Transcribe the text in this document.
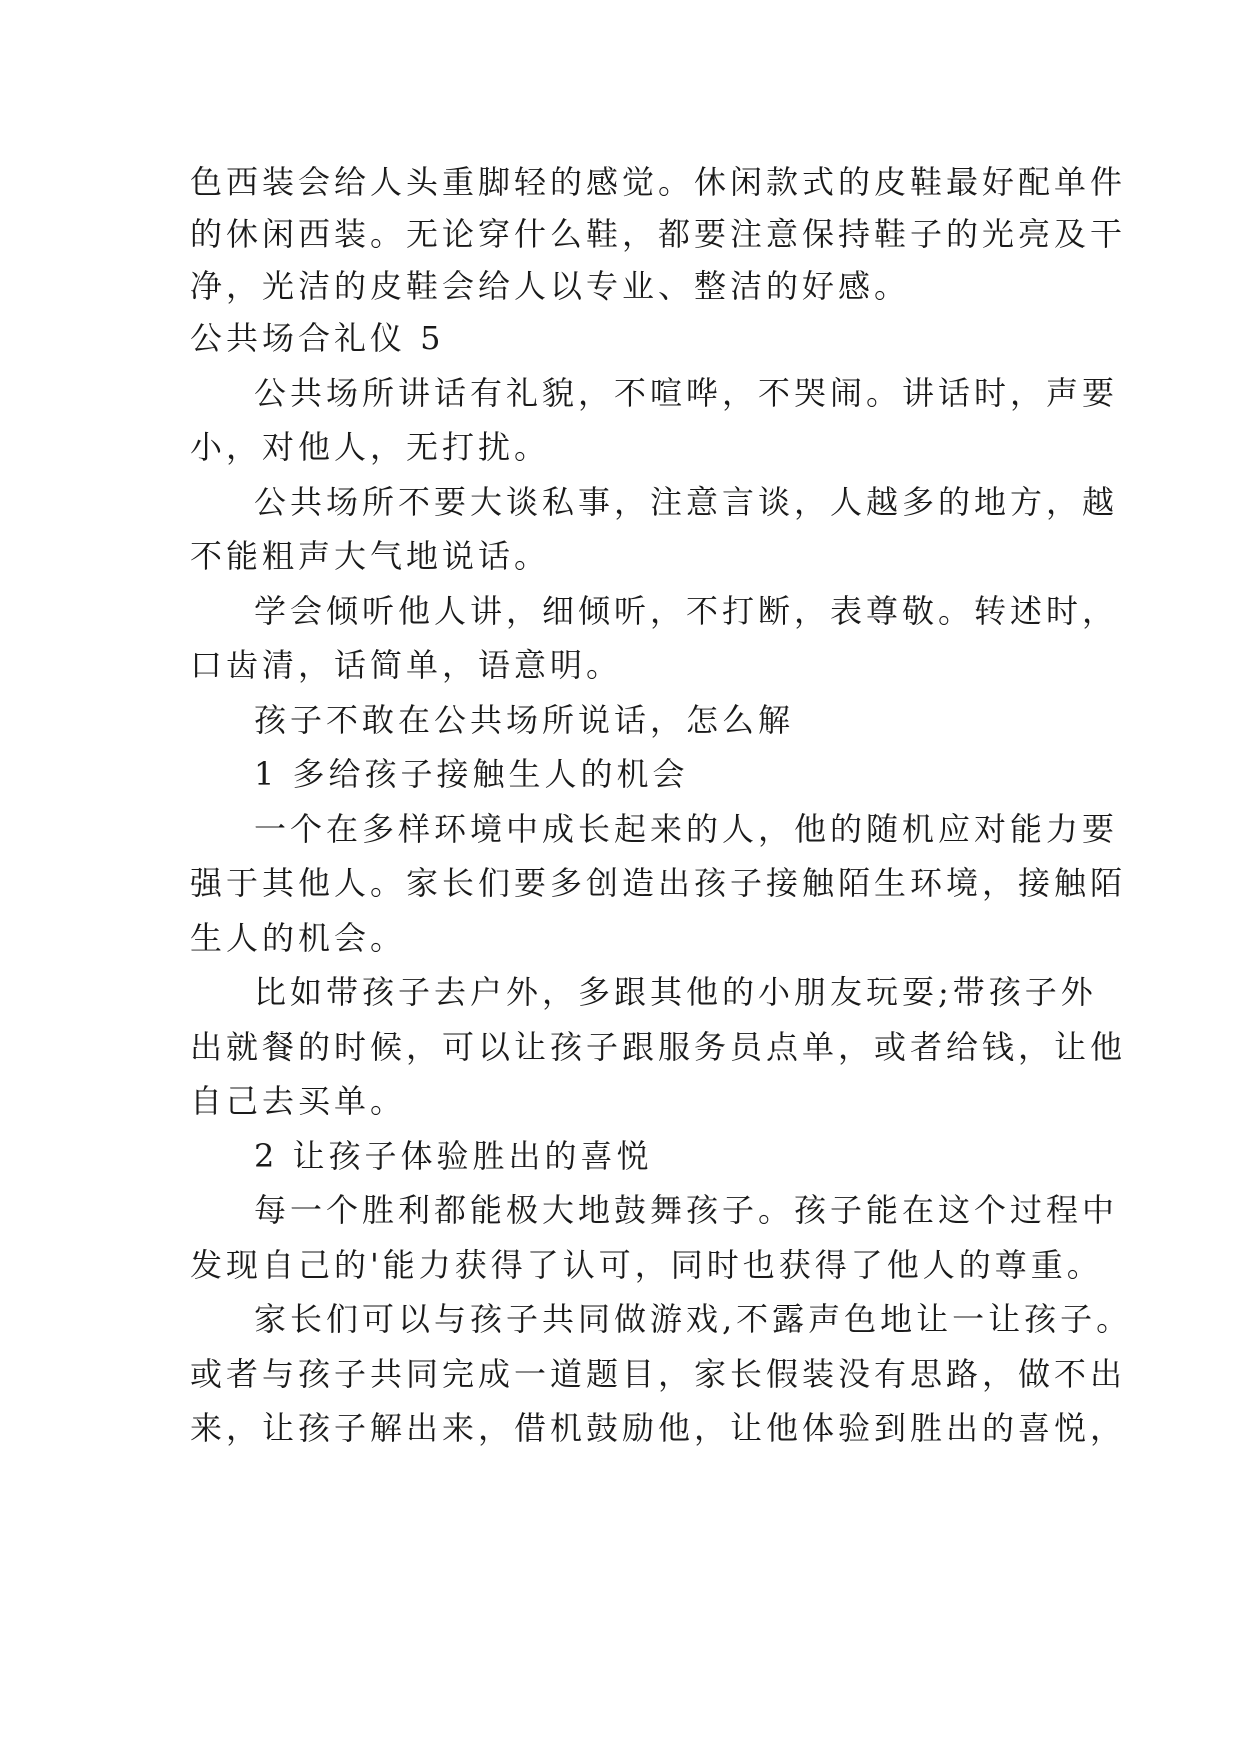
色西装会给人头重脚轻的感觉。休闲款式的皮鞋最好配单件
的休闲西装。无论穿什么鞋，都要注意保持鞋子的光亮及干
净，光洁的皮鞋会给人以专业、整洁的好感。
公共场合礼仪 5
公共场所讲话有礼貌，不喧哗，不哭闹。讲话时，声要
小，对他人，无打扰。
公共场所不要大谈私事，注意言谈，人越多的地方，越
不能粗声大气地说话。
学会倾听他人讲，细倾听，不打断，表尊敬。转述时，
口齿清，话简单，语意明。
孩子不敢在公共场所说话，怎么解
1 多给孩子接触生人的机会
一个在多样环境中成长起来的人，他的随机应对能力要
强于其他人。家长们要多创造出孩子接触陌生环境，接触陌
生人的机会。
比如带孩子去户外，多跟其他的小朋友玩耍;带孩子外
出就餐的时候，可以让孩子跟服务员点单，或者给钱，让他
自己去买单。
2 让孩子体验胜出的喜悦
每一个胜利都能极大地鼓舞孩子。孩子能在这个过程中
发现自己的'能力获得了认可，同时也获得了他人的尊重。
家长们可以与孩子共同做游戏,不露声色地让一让孩子。
或者与孩子共同完成一道题目，家长假装没有思路，做不出
来，让孩子解出来，借机鼓励他，让他体验到胜出的喜悦，
